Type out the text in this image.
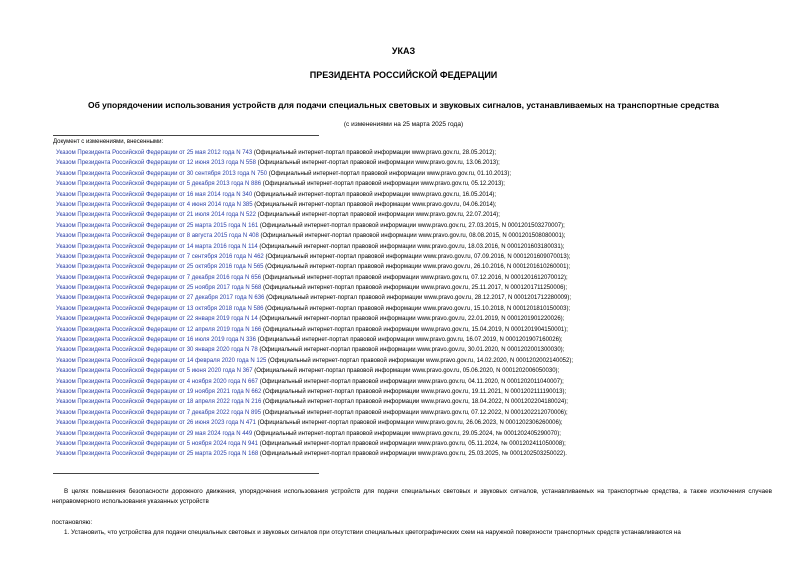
УКАЗ
ПРЕЗИДЕНТА РОССИЙСКОЙ ФЕДЕРАЦИИ
Об упорядочении использования устройств для подачи специальных световых и звуковых сигналов, устанавливаемых на транспортные средства
(с изменениями на 25 марта 2025 года)
Документ с изменениями, внесенными:
Указом Президента Российской Федерации от 25 мая 2012 года N 743 (Официальный интернет-портал правовой информации www.pravo.gov.ru, 28.05.2012);
Указом Президента Российской Федерации от 12 июня 2013 года N 558 (Официальный интернет-портал правовой информации www.pravo.gov.ru, 13.06.2013);
Указом Президента Российской Федерации от 30 сентября 2013 года N 750 (Официальный интернет-портал правовой информации www.pravo.gov.ru, 01.10.2013);
Указом Президента Российской Федерации от 5 декабря 2013 года N 886 (Официальный интернет-портал правовой информации www.pravo.gov.ru, 05.12.2013);
Указом Президента Российской Федерации от 16 мая 2014 года N 340 (Официальный интернет-портал правовой информации www.pravo.gov.ru, 16.05.2014);
Указом Президента Российской Федерации от 4 июня 2014 года N 385 (Официальный интернет-портал правовой информации www.pravo.gov.ru, 04.06.2014);
Указом Президента Российской Федерации от 21 июля 2014 года N 522 (Официальный интернет-портал правовой информации www.pravo.gov.ru, 22.07.2014);
Указом Президента Российской Федерации от 25 марта 2015 года N 161 (Официальный интернет-портал правовой информации www.pravo.gov.ru, 27.03.2015, N 0001201503270007);
Указом Президента Российской Федерации от 8 августа 2015 года N 408 (Официальный интернет-портал правовой информации www.pravo.gov.ru, 08.08.2015, N 0001201508080001);
Указом Президента Российской Федерации от 14 марта 2016 года N 114 (Официальный интернет-портал правовой информации www.pravo.gov.ru, 18.03.2016, N 0001201603180031);
Указом Президента Российской Федерации от 7 сентября 2016 года N 462 (Официальный интернет-портал правовой информации www.pravo.gov.ru, 07.09.2016, N 0001201609070013);
Указом Президента Российской Федерации от 25 октября 2016 года N 565 (Официальный интернет-портал правовой информации www.pravo.gov.ru, 26.10.2016, N 0001201610260001);
Указом Президента Российской Федерации от 7 декабря 2016 года N 656 (Официальный интернет-портал правовой информации www.pravo.gov.ru, 07.12.2016, N 0001201612070012);
Указом Президента Российской Федерации от 25 ноября 2017 года N 568 (Официальный интернет-портал правовой информации www.pravo.gov.ru, 25.11.2017, N 0001201711250006);
Указом Президента Российской Федерации от 27 декабря 2017 года N 636 (Официальный интернет-портал правовой информации www.pravo.gov.ru, 28.12.2017, N 0001201712280009);
Указом Президента Российской Федерации от 13 октября 2018 года N 586 (Официальный интернет-портал правовой информации www.pravo.gov.ru, 15.10.2018, N 0001201810150003);
Указом Президента Российской Федерации от 22 января 2019 года N 14 (Официальный интернет-портал правовой информации www.pravo.gov.ru, 22.01.2019, N 0001201901220026);
Указом Президента Российской Федерации от 12 апреля 2019 года N 166 (Официальный интернет-портал правовой информации www.pravo.gov.ru, 15.04.2019, N 0001201904150001);
Указом Президента Российской Федерации от 16 июля 2019 года N 336 (Официальный интернет-портал правовой информации www.pravo.gov.ru, 16.07.2019, N 0001201907160026);
Указом Президента Российской Федерации от 30 января 2020 года N 78 (Официальный интернет-портал правовой информации www.pravo.gov.ru, 30.01.2020, N 0001202001300030);
Указом Президента Российской Федерации от 14 февраля 2020 года N 125 (Официальный интернет-портал правовой информации www.pravo.gov.ru, 14.02.2020, N 0001202002140052);
Указом Президента Российской Федерации от 5 июня 2020 года N 367 (Официальный интернет-портал правовой информации www.pravo.gov.ru, 05.06.2020, N 0001202006050030);
Указом Президента Российской Федерации от 4 ноября 2020 года N 667 (Официальный интернет-портал правовой информации www.pravo.gov.ru, 04.11.2020, N 0001202011040007);
Указом Президента Российской Федерации от 19 ноября 2021 года N 662 (Официальный интернет-портал правовой информации www.pravo.gov.ru, 19.11.2021, N 0001202111190013);
Указом Президента Российской Федерации от 18 апреля 2022 года N 216 (Официальный интернет-портал правовой информации www.pravo.gov.ru, 18.04.2022, N 0001202204180024);
Указом Президента Российской Федерации от 7 декабря 2022 года N 895 (Официальный интернет-портал правовой информации www.pravo.gov.ru, 07.12.2022, N 0001202212070006);
Указом Президента Российской Федерации от 26 июня 2023 года N 471 (Официальный интернет-портал правовой информации www.pravo.gov.ru, 26.06.2023, N 0001202306260006);
Указом Президента Российской Федерации от 29 мая 2024 года N 449 (Официальный интернет-портал правовой информации www.pravo.gov.ru, 29.05.2024, № 0001202405290070);
Указом Президента Российской Федерации от 5 ноября 2024 года N 941 (Официальный интернет-портал правовой информации www.pravo.gov.ru, 05.11.2024, № 0001202411050008);
Указом Президента Российской Федерации от 25 марта 2025 года N 168 (Официальный интернет-портал правовой информации www.pravo.gov.ru, 25.03.2025, № 0001202503250022).
В целях повышения безопасности дорожного движения, упорядочения использования устройств для подачи специальных световых и звуковых сигналов, устанавливаемых на транспортные средства, а также исключения случаев неправомерного использования указанных устройств
постановляю:
1. Установить, что устройства для подачи специальных световых и звуковых сигналов при отсутствии специальных цветографических схем на наружной поверхности транспортных средств устанавливаются на
